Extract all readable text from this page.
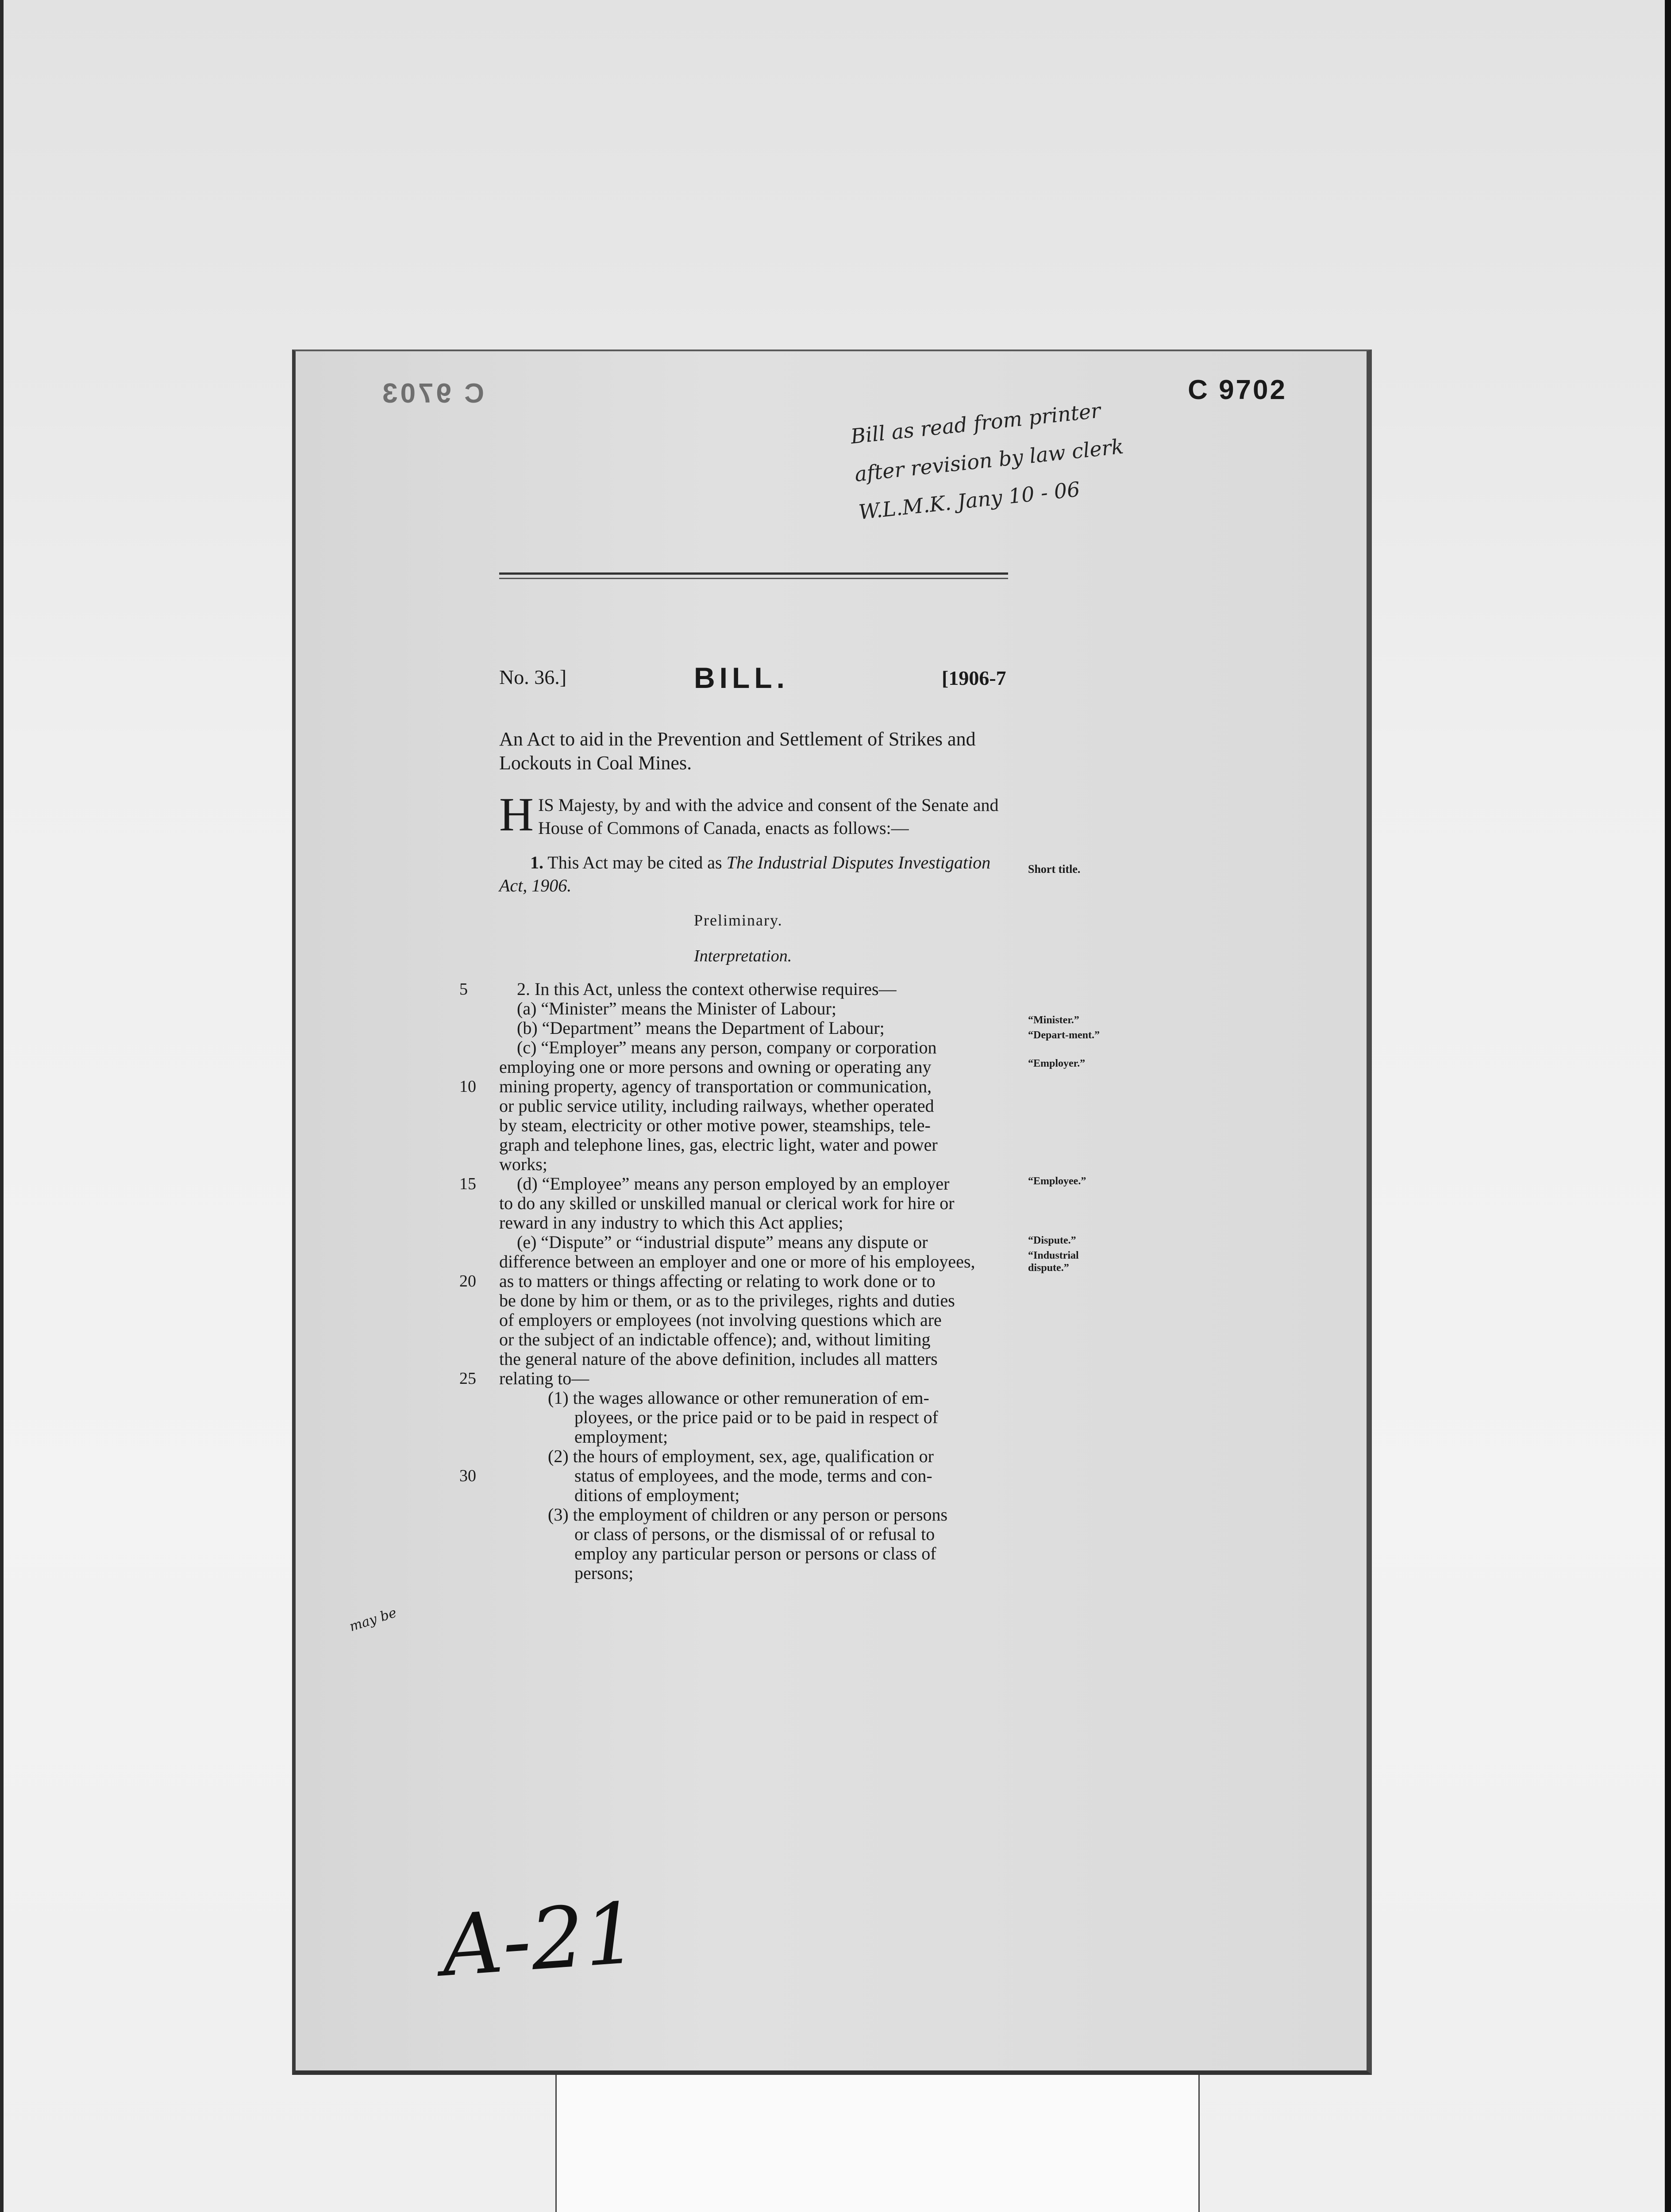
C 9703	C 9702
Bill as read from printer
after revision by law clerk
W.L.M.K. Jany 10 - 06
No. 36.]	BILL.	[1906-7
An Act to aid in the Prevention and Settlement of Strikes and Lockouts in Coal Mines.
HIS Majesty, by and with the advice and consent of the Senate and House of Commons of Canada, enacts as follows:—
1. This Act may be cited as The Industrial Disputes Investigation Act, 1906.
Short title.
Preliminary.
Interpretation.
5
10
15
20
25
30
2. In this Act, unless the context otherwise requires—
(a) “Minister” means the Minister of Labour;
(b) “Department” means the Department of Labour;
(c) “Employer” means any person, company or corporation
employing one or more persons and owning or operating any
mining property, agency of transportation or communication,
or public service utility, including railways, whether operated
by steam, electricity or other motive power, steamships, tele-
graph and telephone lines, gas, electric light, water and power
works;
(d) “Employee” means any person employed by an employer
to do any skilled or unskilled manual or clerical work for hire or
reward in any industry to which this Act applies;
(e) “Dispute” or “industrial dispute” means any dispute or
difference between an employer and one or more of his employees,
as to matters or things affecting or relating to work done or to
be done by him or them, or as to the privileges, rights and duties
of employers or employees (not involving questions which are
or the subject of an indictable offence); and, without limiting
the general nature of the above definition, includes all matters
relating to—
(1) the wages allowance or other remuneration of em-
ployees, or the price paid or to be paid in respect of
employment;
(2) the hours of employment, sex, age, qualification or
status of employees, and the mode, terms and con-
ditions of employment;
(3) the employment of children or any person or persons
or class of persons, or the dismissal of or refusal to
employ any particular person or persons or class of
persons;
“Minister.”
“Depart-ment.”
“Employer.”
“Employee.”
“Dispute.”
“Industrial dispute.”
may be
A-21
